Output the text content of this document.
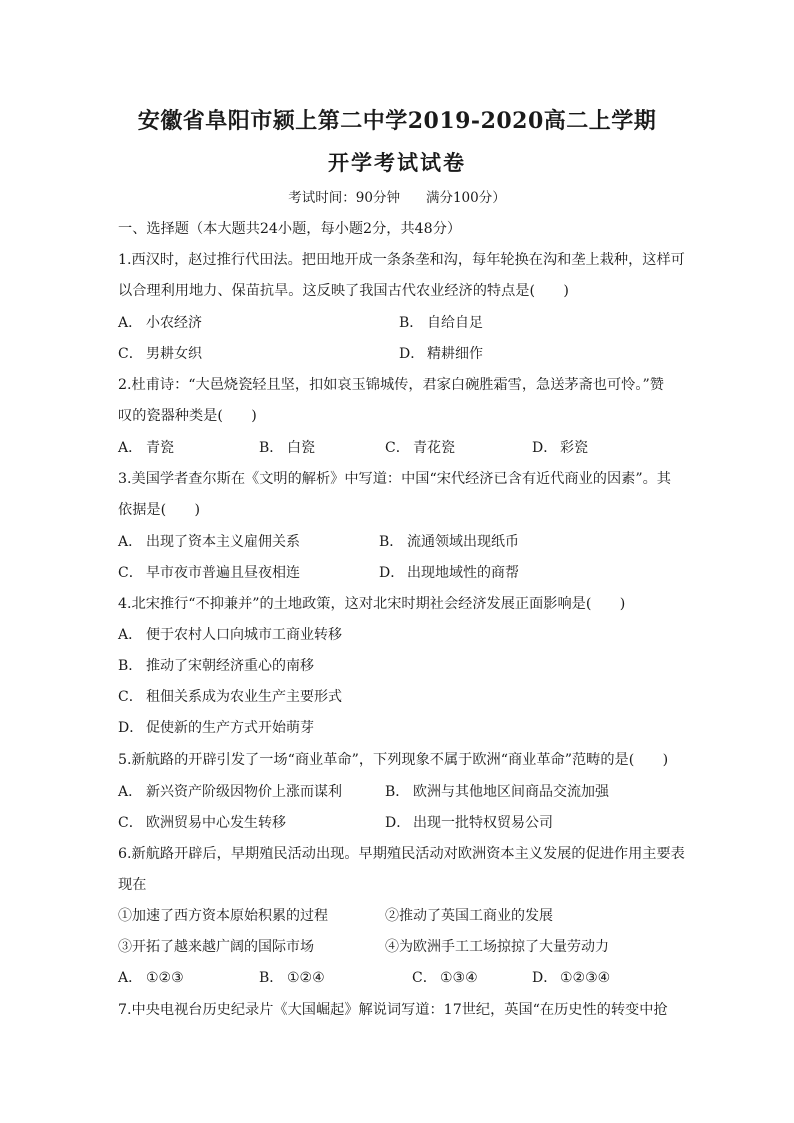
安徽省阜阳市颍上第二中学2019-2020高二上学期
开学考试试卷
考试时间：90分钟 满分100分）
一、选择题（本大题共24小题，每小题2分，共48分）
1.西汉时，赵过推行代田法。把田地开成一条条垄和沟，每年轮换在沟和垄上栽种，这样可
以合理利用地力、保苗抗旱。这反映了我国古代农业经济的特点是(　　)
A． 小农经济	B． 自给自足
C． 男耕女织	D． 精耕细作
2.杜甫诗：“大邑烧瓷轻且坚，扣如哀玉锦城传，君家白碗胜霜雪，急送茅斋也可怜。”赞
叹的瓷器种类是(　　)
A． 青瓷	B． 白瓷	C． 青花瓷	D． 彩瓷
3.美国学者查尔斯在《文明的解析》中写道：中国“宋代经济已含有近代商业的因素”。其
依据是(　　)
A． 出现了资本主义雇佣关系	B． 流通领域出现纸币
C． 早市夜市普遍且昼夜相连	D． 出现地域性的商帮
4.北宋推行“不抑兼并”的土地政策，这对北宋时期社会经济发展正面影响是(　　)
A． 便于农村人口向城市工商业转移
B． 推动了宋朝经济重心的南移
C． 租佃关系成为农业生产主要形式
D． 促使新的生产方式开始萌芽
5.新航路的开辟引发了一场“商业革命”，下列现象不属于欧洲“商业革命”范畴的是(　　)
A． 新兴资产阶级因物价上涨而谋利	B． 欧洲与其他地区间商品交流加强
C． 欧洲贸易中心发生转移	D． 出现一批特权贸易公司
6.新航路开辟后，早期殖民活动出现。早期殖民活动对欧洲资本主义发展的促进作用主要表
现在
①加速了西方资本原始积累的过程	②推动了英国工商业的发展
③开拓了越来越广阔的国际市场	④为欧洲手工工场掠掠了大量劳动力
A． ①②③	B． ①②④	C． ①③④	D． ①②③④
7.中央电视台历史纪录片《大国崛起》解说词写道：17世纪，英国“在历史性的转变中抢
